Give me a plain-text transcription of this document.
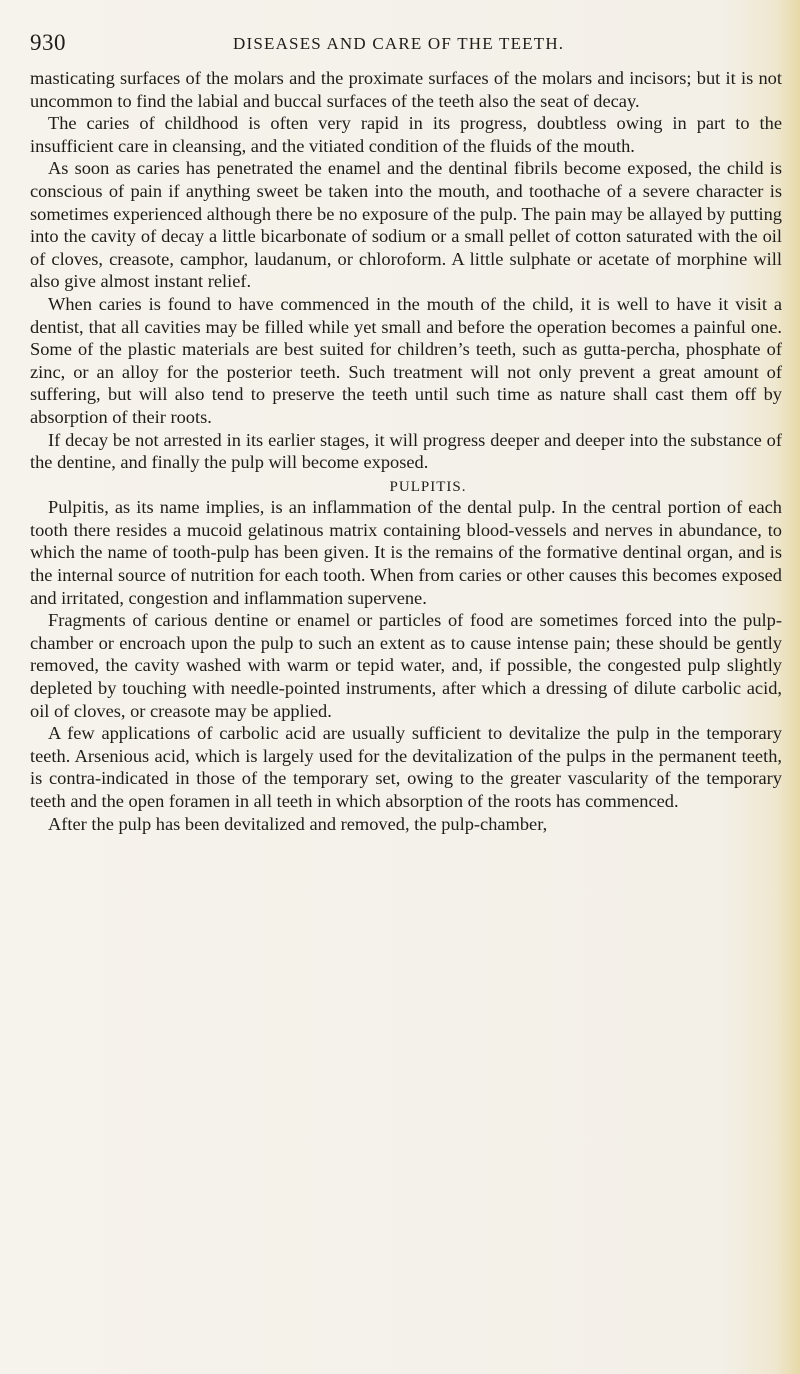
930	DISEASES AND CARE OF THE TEETH.

masticating surfaces of the molars and the proximate surfaces of the molars and incisors; but it is not uncommon to find the labial and buccal surfaces of the teeth also the seat of decay.

The caries of childhood is often very rapid in its progress, doubtless owing in part to the insufficient care in cleansing, and the vitiated condition of the fluids of the mouth.

As soon as caries has penetrated the enamel and the dentinal fibrils become exposed, the child is conscious of pain if anything sweet be taken into the mouth, and toothache of a severe character is sometimes experienced although there be no exposure of the pulp. The pain may be allayed by putting into the cavity of decay a little bicarbonate of sodium or a small pellet of cotton saturated with the oil of cloves, creasote, camphor, laudanum, or chloroform. A little sulphate or acetate of morphine will also give almost instant relief.

When caries is found to have commenced in the mouth of the child, it is well to have it visit a dentist, that all cavities may be filled while yet small and before the operation becomes a painful one. Some of the plastic materials are best suited for children’s teeth, such as gutta-percha, phosphate of zinc, or an alloy for the posterior teeth. Such treatment will not only prevent a great amount of suffering, but will also tend to preserve the teeth until such time as nature shall cast them off by absorption of their roots.

If decay be not arrested in its earlier stages, it will progress deeper and deeper into the substance of the dentine, and finally the pulp will become exposed.

PULPITIS.

Pulpitis, as its name implies, is an inflammation of the dental pulp. In the central portion of each tooth there resides a mucoid gelatinous matrix containing blood-vessels and nerves in abundance, to which the name of tooth-pulp has been given. It is the remains of the formative dentinal organ, and is the internal source of nutrition for each tooth. When from caries or other causes this becomes exposed and irritated, congestion and inflammation supervene.

Fragments of carious dentine or enamel or particles of food are sometimes forced into the pulp-chamber or encroach upon the pulp to such an extent as to cause intense pain; these should be gently removed, the cavity washed with warm or tepid water, and, if possible, the congested pulp slightly depleted by touching with needle-pointed instruments, after which a dressing of dilute carbolic acid, oil of cloves, or creasote may be applied.

A few applications of carbolic acid are usually sufficient to devitalize the pulp in the temporary teeth. Arsenious acid, which is largely used for the devitalization of the pulps in the permanent teeth, is contra-indicated in those of the temporary set, owing to the greater vascularity of the temporary teeth and the open foramen in all teeth in which absorption of the roots has commenced.

After the pulp has been devitalized and removed, the pulp-chamber,
